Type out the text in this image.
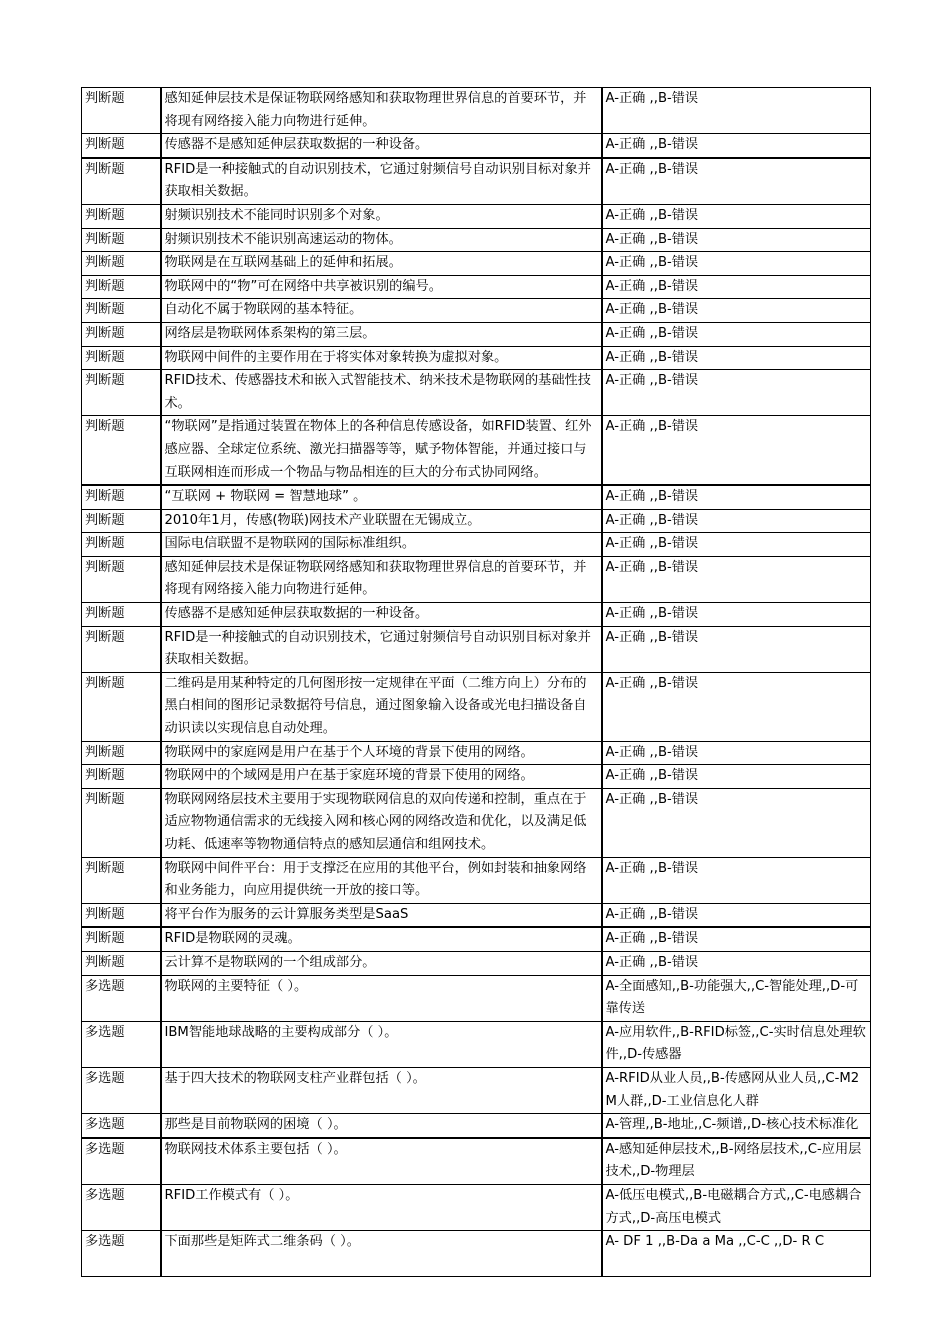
判断题	感知延伸层技术是保证物联网络感知和获取物理世界信息的首要环节，并将现有网络接入能力向物进行延伸。	A-正确 ,,B-错误
判断题	传感器不是感知延伸层获取数据的一种设备。	A-正确 ,,B-错误
判断题	RFID是一种接触式的自动识别技术，它通过射频信号自动识别目标对象并获取相关数据。	A-正确 ,,B-错误
判断题	射频识别技术不能同时识别多个对象。	A-正确 ,,B-错误
判断题	射频识别技术不能识别高速运动的物体。	A-正确 ,,B-错误
判断题	物联网是在互联网基础上的延伸和拓展。	A-正确 ,,B-错误
判断题	物联网中的“物”可在网络中共享被识别的编号。	A-正确 ,,B-错误
判断题	自动化不属于物联网的基本特征。	A-正确 ,,B-错误
判断题	网络层是物联网体系架构的第三层。	A-正确 ,,B-错误
判断题	物联网中间件的主要作用在于将实体对象转换为虚拟对象。	A-正确 ,,B-错误
判断题	RFID技术、传感器技术和嵌入式智能技术、纳米技术是物联网的基础性技术。	A-正确 ,,B-错误
判断题	“物联网”是指通过装置在物体上的各种信息传感设备，如RFID装置、红外感应器、全球定位系统、激光扫描器等等，赋予物体智能，并通过接口与互联网相连而形成一个物品与物品相连的巨大的分布式协同网络。	A-正确 ,,B-错误
判断题	“互联网 + 物联网 = 智慧地球” 。	A-正确 ,,B-错误
判断题	2010年1月，传感(物联)网技术产业联盟在无锡成立。	A-正确 ,,B-错误
判断题	国际电信联盟不是物联网的国际标准组织。	A-正确 ,,B-错误
判断题	感知延伸层技术是保证物联网络感知和获取物理世界信息的首要环节，并将现有网络接入能力向物进行延伸。	A-正确 ,,B-错误
判断题	传感器不是感知延伸层获取数据的一种设备。	A-正确 ,,B-错误
判断题	RFID是一种接触式的自动识别技术，它通过射频信号自动识别目标对象并获取相关数据。	A-正确 ,,B-错误
判断题	二维码是用某种特定的几何图形按一定规律在平面（二维方向上）分布的黑白相间的图形记录数据符号信息，通过图象输入设备或光电扫描设备自动识读以实现信息自动处理。	A-正确 ,,B-错误
判断题	物联网中的家庭网是用户在基于个人环境的背景下使用的网络。	A-正确 ,,B-错误
判断题	物联网中的个域网是用户在基于家庭环境的背景下使用的网络。	A-正确 ,,B-错误
判断题	物联网网络层技术主要用于实现物联网信息的双向传递和控制，重点在于适应物物通信需求的无线接入网和核心网的网络改造和优化，以及满足低功耗、低速率等物物通信特点的感知层通信和组网技术。	A-正确 ,,B-错误
判断题	物联网中间件平台：用于支撑泛在应用的其他平台，例如封装和抽象网络和业务能力，向应用提供统一开放的接口等。	A-正确 ,,B-错误
判断题	将平台作为服务的云计算服务类型是SaaS	A-正确 ,,B-错误
判断题	RFID是物联网的灵魂。	A-正确 ,,B-错误
判断题	云计算不是物联网的一个组成部分。	A-正确 ,,B-错误
多选题	物联网的主要特征（ ）。	A-全面感知,,B-功能强大,,C-智能处理,,D-可靠传送
多选题	IBM智能地球战略的主要构成部分（ ）。	A-应用软件,,B-RFID标签,,C-实时信息处理软件,,D-传感器
多选题	基于四大技术的物联网支柱产业群包括（ ）。	A-RFID从业人员,,B-传感网从业人员,,C-M2M人群,,D-工业信息化人群
多选题	那些是目前物联网的困境（ ）。	A-管理,,B-地址,,C-频谱,,D-核心技术标准化
多选题	物联网技术体系主要包括（ ）。	A-感知延伸层技术,,B-网络层技术,,C-应用层技术,,D-物理层
多选题	RFID工作模式有（ ）。	A-低压电模式,,B-电磁耦合方式,,C-电感耦合方式,,D-高压电模式
多选题	下面那些是矩阵式二维条码（ ）。	A- DF 1 ,,B-Da a Ma ,,C-C ,,D- R C
